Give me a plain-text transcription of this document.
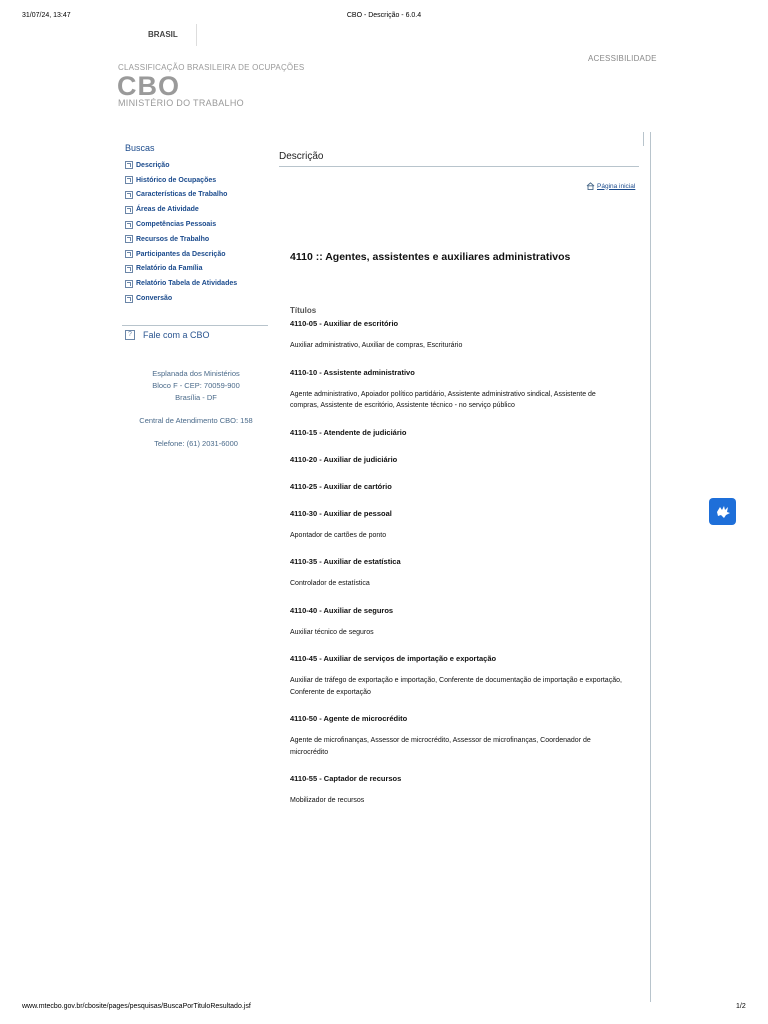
31/07/24, 13:47	CBO - Descrição - 6.0.4
www.mtecbo.gov.br/cbosite/pages/pesquisas/BuscaPorTituloResultado.jsf	1/2
BRASIL
ACESSIBILIDADE
CLASSIFICAÇÃO BRASILEIRA DE OCUPAÇÕES
CBO
MINISTÉRIO DO TRABALHO
Buscas
Descrição
Histórico de Ocupações
Características de Trabalho
Áreas de Atividade
Competências Pessoais
Recursos de Trabalho
Participantes da Descrição
Relatório da Família
Relatório Tabela de Atividades
Conversão
?	Fale com a CBO
Esplanada dos Ministérios
Bloco F - CEP: 70059-900
Brasília - DF
Central de Atendimento CBO: 158
Telefone: (61) 2031-6000
Descrição
Página inicial
4110 :: Agentes, assistentes e auxiliares administrativos
Títulos
4110-05 - Auxiliar de escritório
Auxiliar administrativo, Auxiliar de compras, Escriturário
4110-10 - Assistente administrativo
Agente administrativo, Apoiador político partidário, Assistente administrativo sindical, Assistente de compras, Assistente de escritório, Assistente técnico - no serviço público
4110-15 - Atendente de judiciário
4110-20 - Auxiliar de judiciário
4110-25 - Auxiliar de cartório
4110-30 - Auxiliar de pessoal
Apontador de cartões de ponto
4110-35 - Auxiliar de estatística
Controlador de estatística
4110-40 - Auxiliar de seguros
Auxiliar técnico de seguros
4110-45 - Auxiliar de serviços de importação e exportação
Auxiliar de tráfego de exportação e importação, Conferente de documentação de importação e exportação, Conferente de exportação
4110-50 - Agente de microcrédito
Agente de microfinanças, Assessor de microcrédito, Assessor de microfinanças, Coordenador de microcrédito
4110-55 - Captador de recursos
Mobilizador de recursos
